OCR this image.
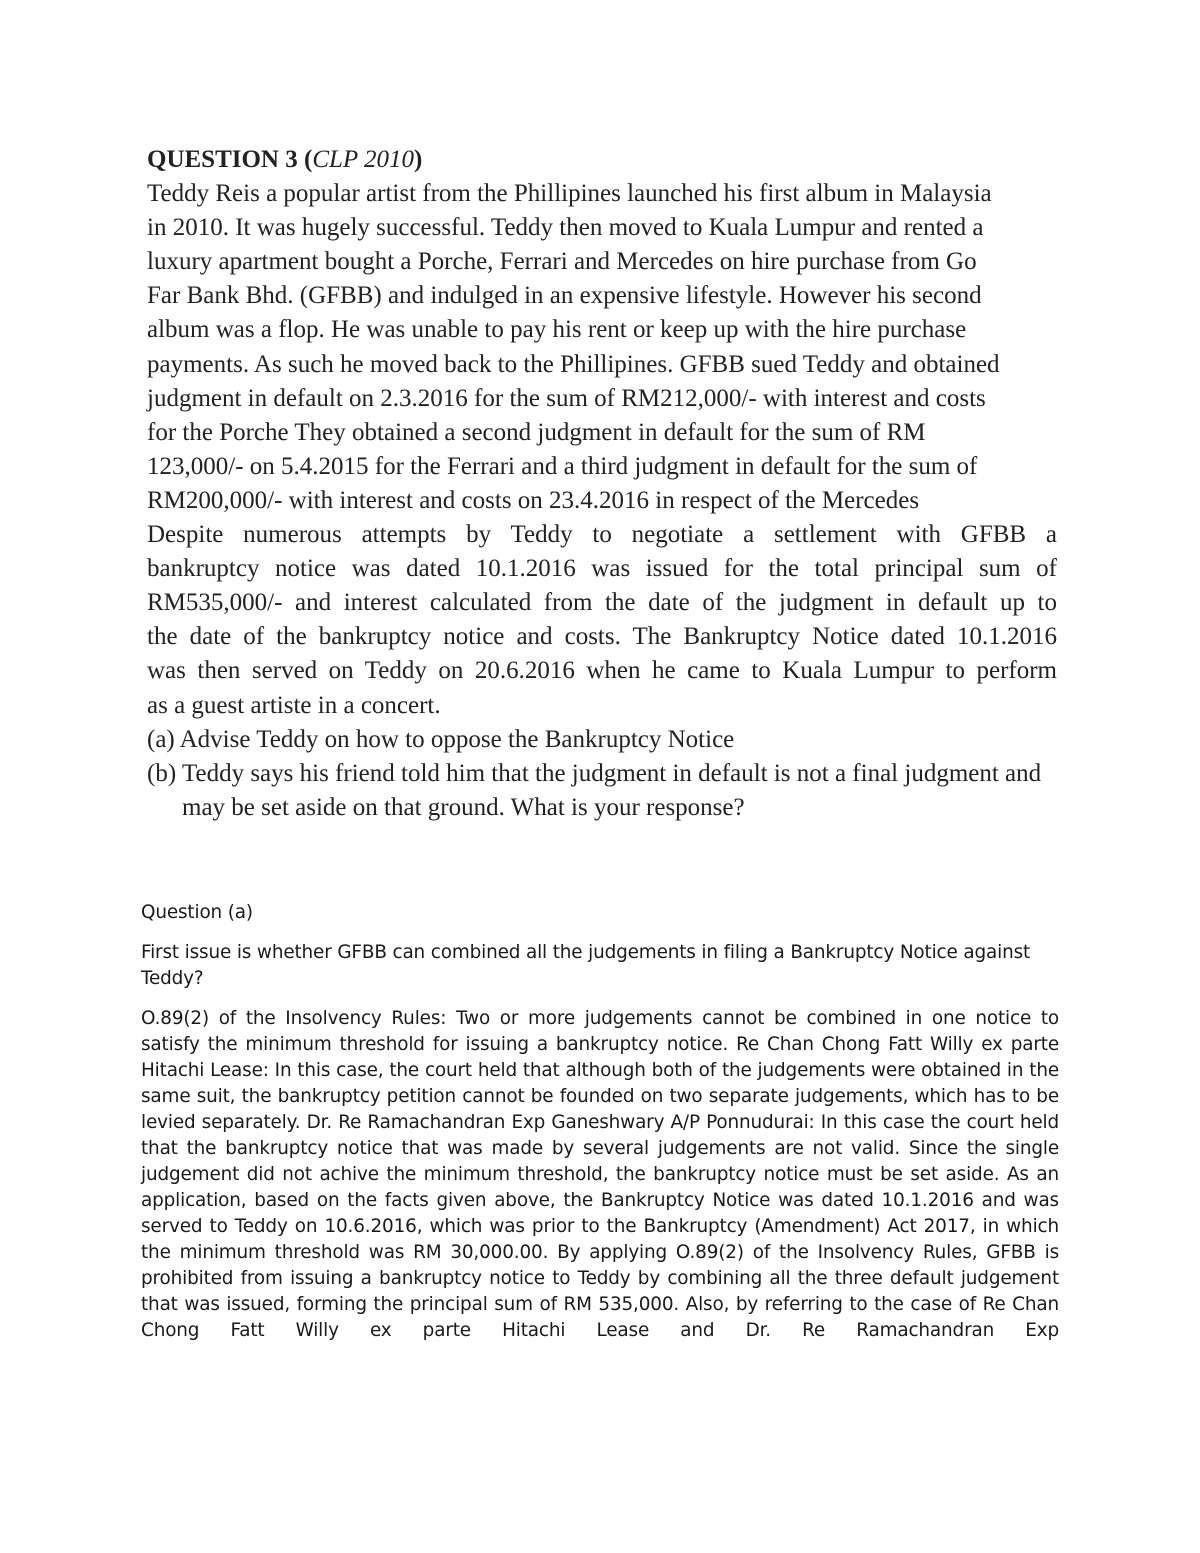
QUESTION 3 (CLP 2010)

Teddy Reis a popular artist from the Phillipines launched his first album in Malaysia
in 2010. It was hugely successful. Teddy then moved to Kuala Lumpur and rented a
luxury apartment bought a Porche, Ferrari and Mercedes on hire purchase from Go
Far Bank Bhd. (GFBB) and indulged in an expensive lifestyle. However his second
album was a flop. He was unable to pay his rent or keep up with the hire purchase
payments. As such he moved back to the Phillipines. GFBB sued Teddy and obtained
judgment in default on 2.3.2016 for the sum of RM212,000/- with interest and costs
for the Porche They obtained a second judgment in default for the sum of RM
123,000/- on 5.4.2015 for the Ferrari and a third judgment in default for the sum of
RM200,000/- with interest and costs on 23.4.2016 in respect of the Mercedes
Despite numerous attempts by Teddy to negotiate a settlement with GFBB a
bankruptcy notice was dated 10.1.2016 was issued for the total principal sum of
RM535,000/- and interest calculated from the date of the judgment in default up to
the date of the bankruptcy notice and costs. The Bankruptcy Notice dated 10.1.2016
was then served on Teddy on 20.6.2016 when he came to Kuala Lumpur to perform
as a guest artiste in a concert.

(a) Advise Teddy on how to oppose the Bankruptcy Notice

(b) Teddy says his friend told him that the judgment in default is not a final judgment and may be set aside on that ground. What is your response?

Question (a)

First issue is whether GFBB can combined all the judgements in filing a Bankruptcy Notice against Teddy?

O.89(2) of the Insolvency Rules: Two or more judgements cannot be combined in one notice to satisfy the minimum threshold for issuing a bankruptcy notice. Re Chan Chong Fatt Willy ex parte Hitachi Lease: In this case, the court held that although both of the judgements were obtained in the same suit, the bankruptcy petition cannot be founded on two separate judgements, which has to be levied separately. Dr. Re Ramachandran Exp Ganeshwary A/P Ponnudurai: In this case the court held that the bankruptcy notice that was made by several judgements are not valid. Since the single judgement did not achive the minimum threshold, the bankruptcy notice must be set aside. As an application, based on the facts given above, the Bankruptcy Notice was dated 10.1.2016 and was served to Teddy on 10.6.2016, which was prior to the Bankruptcy (Amendment) Act 2017, in which the minimum threshold was RM 30,000.00. By applying O.89(2) of the Insolvency Rules, GFBB is prohibited from issuing a bankruptcy notice to Teddy by combining all the three default judgement that was issued, forming the principal sum of RM 535,000. Also, by referring to the case of Re Chan Chong Fatt Willy ex parte Hitachi Lease and Dr. Re Ramachandran Exp
